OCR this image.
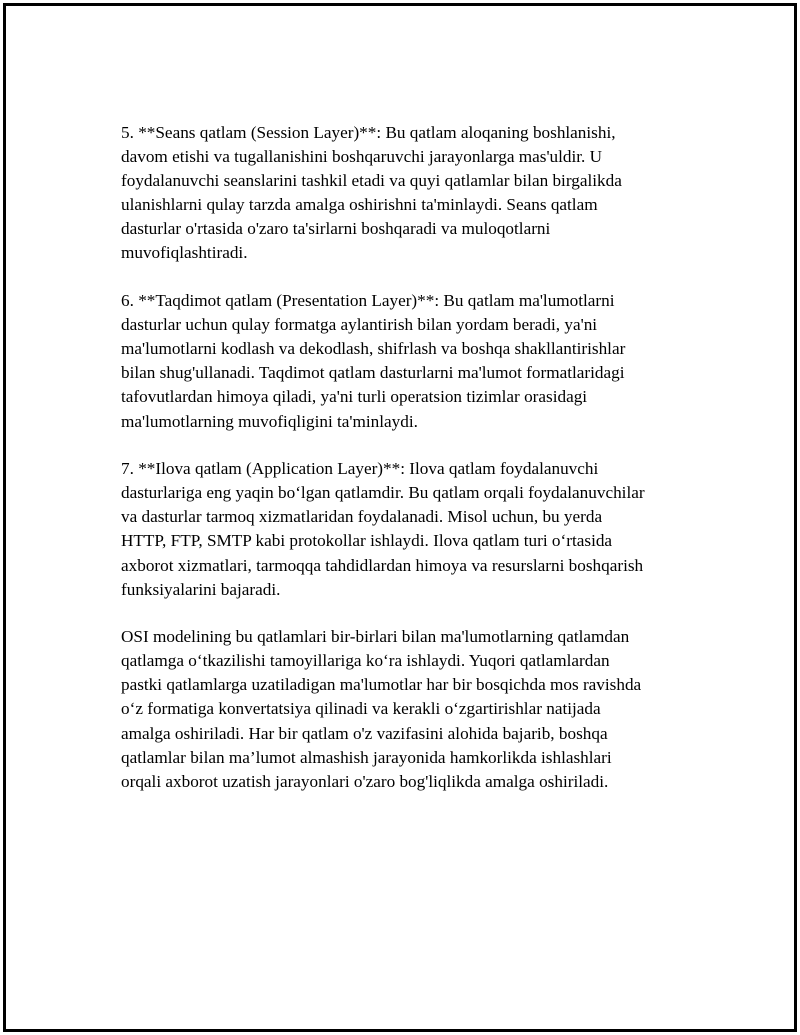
5. **Seans qatlam (Session Layer)**: Bu qatlam aloqaning boshlanishi,
davom etishi va tugallanishini boshqaruvchi jarayonlarga mas'uldir. U
foydalanuvchi seanslarini tashkil etadi va quyi qatlamlar bilan birgalikda
ulanishlarni qulay tarzda amalga oshirishni ta'minlaydi. Seans qatlam
dasturlar o'rtasida o'zaro ta'sirlarni boshqaradi va muloqotlarni
muvofiqlashtiradi.

6. **Taqdimot qatlam (Presentation Layer)**: Bu qatlam ma'lumotlarni
dasturlar uchun qulay formatga aylantirish bilan yordam beradi, ya'ni
ma'lumotlarni kodlash va dekodlash, shifrlash va boshqa shakllantirishlar
bilan shug'ullanadi. Taqdimot qatlam dasturlarni ma'lumot formatlaridagi
tafovutlardan himoya qiladi, ya'ni turli operatsion tizimlar orasidagi
ma'lumotlarning muvofiqligini ta'minlaydi.

7. **Ilova qatlam (Application Layer)**: Ilova qatlam foydalanuvchi
dasturlariga eng yaqin bo‘lgan qatlamdir. Bu qatlam orqali foydalanuvchilar
va dasturlar tarmoq xizmatlaridan foydalanadi. Misol uchun, bu yerda
HTTP, FTP, SMTP kabi protokollar ishlaydi. Ilova qatlam turi o‘rtasida
axborot xizmatlari, tarmoqqa tahdidlardan himoya va resurslarni boshqarish
funksiyalarini bajaradi.

OSI modelining bu qatlamlari bir-birlari bilan ma'lumotlarning qatlamdan
qatlamga o‘tkazilishi tamoyillariga ko‘ra ishlaydi. Yuqori qatlamlardan
pastki qatlamlarga uzatiladigan ma'lumotlar har bir bosqichda mos ravishda
o‘z formatiga konvertatsiya qilinadi va kerakli o‘zgartirishlar natijada
amalga oshiriladi. Har bir qatlam o'z vazifasini alohida bajarib, boshqa
qatlamlar bilan ma’lumot almashish jarayonida hamkorlikda ishlashlari
orqali axborot uzatish jarayonlari o'zaro bog'liqlikda amalga oshiriladi.
